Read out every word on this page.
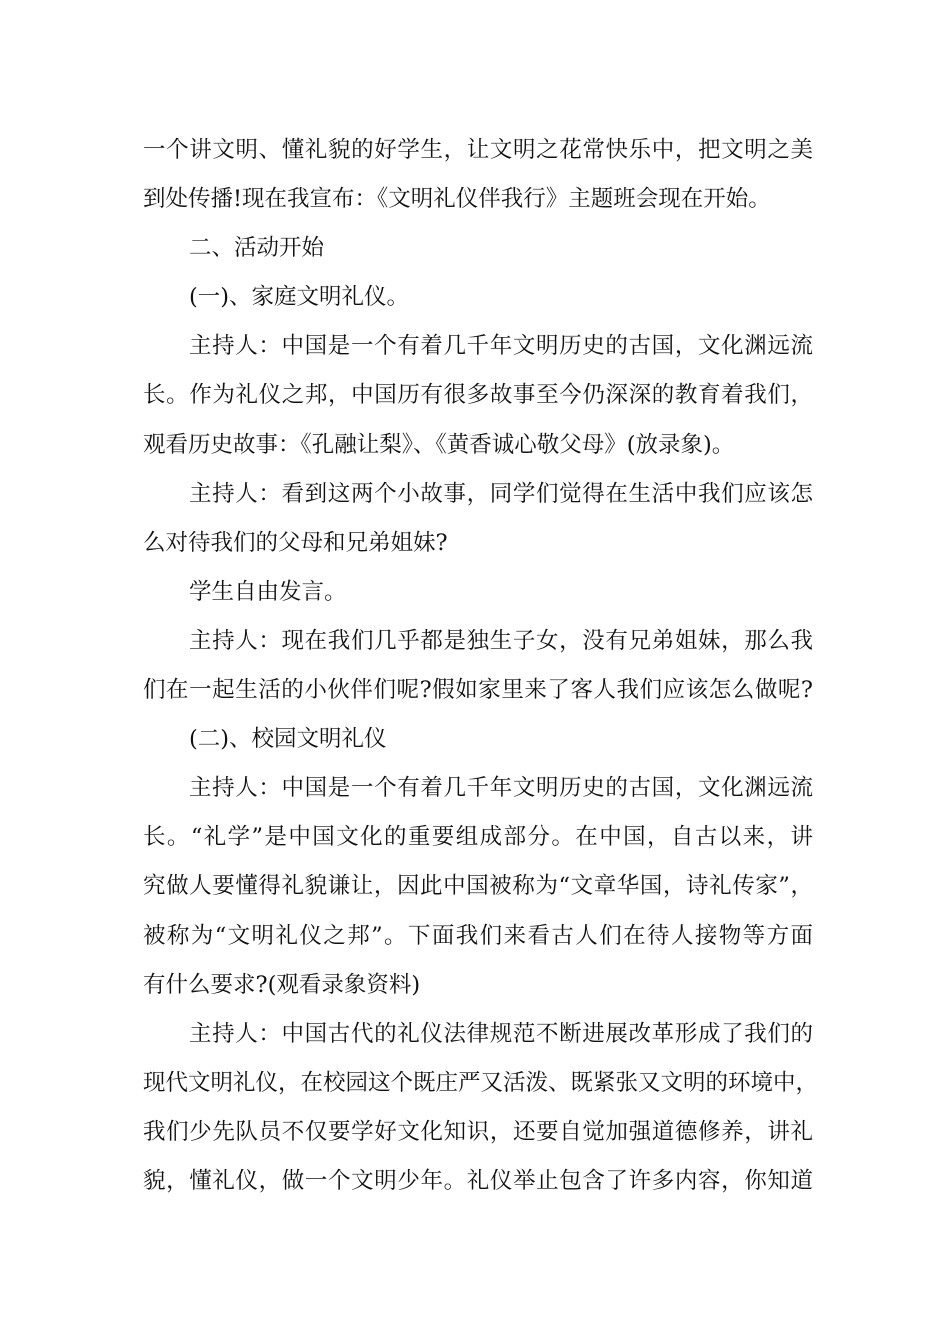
一个讲文明、懂礼貌的好学生，让文明之花常快乐中，把文明之美
到处传播!现在我宣布：《文明礼仪伴我行》主题班会现在开始。
二、活动开始
(一)、家庭文明礼仪。
主持人：中国是一个有着几千年文明历史的古国，文化渊远流
长。作为礼仪之邦，中国历有很多故事至今仍深深的教育着我们，
观看历史故事：《孔融让梨》、《黄香诚心敬父母》(放录象)。
主持人：看到这两个小故事，同学们觉得在生活中我们应该怎
么对待我们的父母和兄弟姐妹?
学生自由发言。
主持人：现在我们几乎都是独生子女，没有兄弟姐妹，那么我
们在一起生活的小伙伴们呢?假如家里来了客人我们应该怎么做呢?
(二)、校园文明礼仪
主持人：中国是一个有着几千年文明历史的古国，文化渊远流
长。“礼学”是中国文化的重要组成部分。在中国，自古以来，讲
究做人要懂得礼貌谦让，因此中国被称为“文章华国，诗礼传家”，
被称为“文明礼仪之邦”。下面我们来看古人们在待人接物等方面
有什么要求?(观看录象资料)
主持人：中国古代的礼仪法律规范不断进展改革形成了我们的
现代文明礼仪，在校园这个既庄严又活泼、既紧张又文明的环境中，
我们少先队员不仅要学好文化知识，还要自觉加强道德修养，讲礼
貌，懂礼仪，做一个文明少年。礼仪举止包含了许多内容，你知道
